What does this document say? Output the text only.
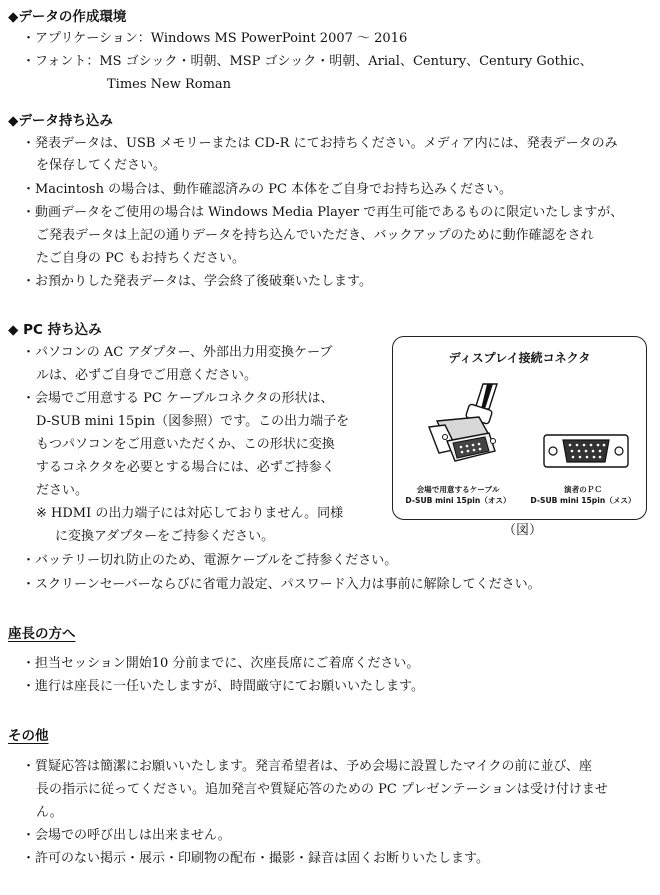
◆データの作成環境
・アプリケーション：Windows MS PowerPoint 2007 ～ 2016
・フォント：MS ゴシック・明朝、MSP ゴシック・明朝、Arial、Century、Century Gothic、
Times New Roman
◆データ持ち込み
・発表データは、USB メモリーまたは CD-R にてお持ちください。メディア内には、発表データのみ
を保存してください。
・Macintosh の場合は、動作確認済みの PC 本体をご自身でお持ち込みください。
・動画データをご使用の場合は Windows Media Player で再生可能であるものに限定いたしますが、
ご発表データは上記の通りデータを持ち込んでいただき、バックアップのために動作確認をされ
たご自身の PC もお持ちください。
・お預かりした発表データは、学会終了後破棄いたします。
◆ PC 持ち込み
・パソコンの AC アダプター、外部出力用変換ケーブ
ルは、必ずご自身でご用意ください。
・会場でご用意する PC ケーブルコネクタの形状は、
D-SUB mini 15pin（図参照）です。この出力端子を
もつパソコンをご用意いただくか、この形状に変換
するコネクタを必要とする場合には、必ずご持参く
ださい。
※ HDMI の出力端子には対応しておりません。同様
に変換アダプターをご持参ください。
・バッテリー切れ防止のため、電源ケーブルをご持参ください。
・スクリーンセーバーならびに省電力設定、パスワード入力は事前に解除してください。
ディスプレイ接続コネクタ
会場で用意するケーブル
D-SUB mini 15pin（オス）
演者のＰＣ
D-SUB mini 15pin（メス）
（図）
座長の方へ
・担当セッション開始10 分前までに、次座長席にご着席ください。
・進行は座長に一任いたしますが、時間厳守にてお願いいたします。
その他
・質疑応答は簡潔にお願いいたします。発言希望者は、予め会場に設置したマイクの前に並び、座
長の指示に従ってください。追加発言や質疑応答のための PC プレゼンテーションは受け付けませ
ん。
・会場での呼び出しは出来ません。
・許可のない掲示・展示・印刷物の配布・撮影・録音は固くお断りいたします。
